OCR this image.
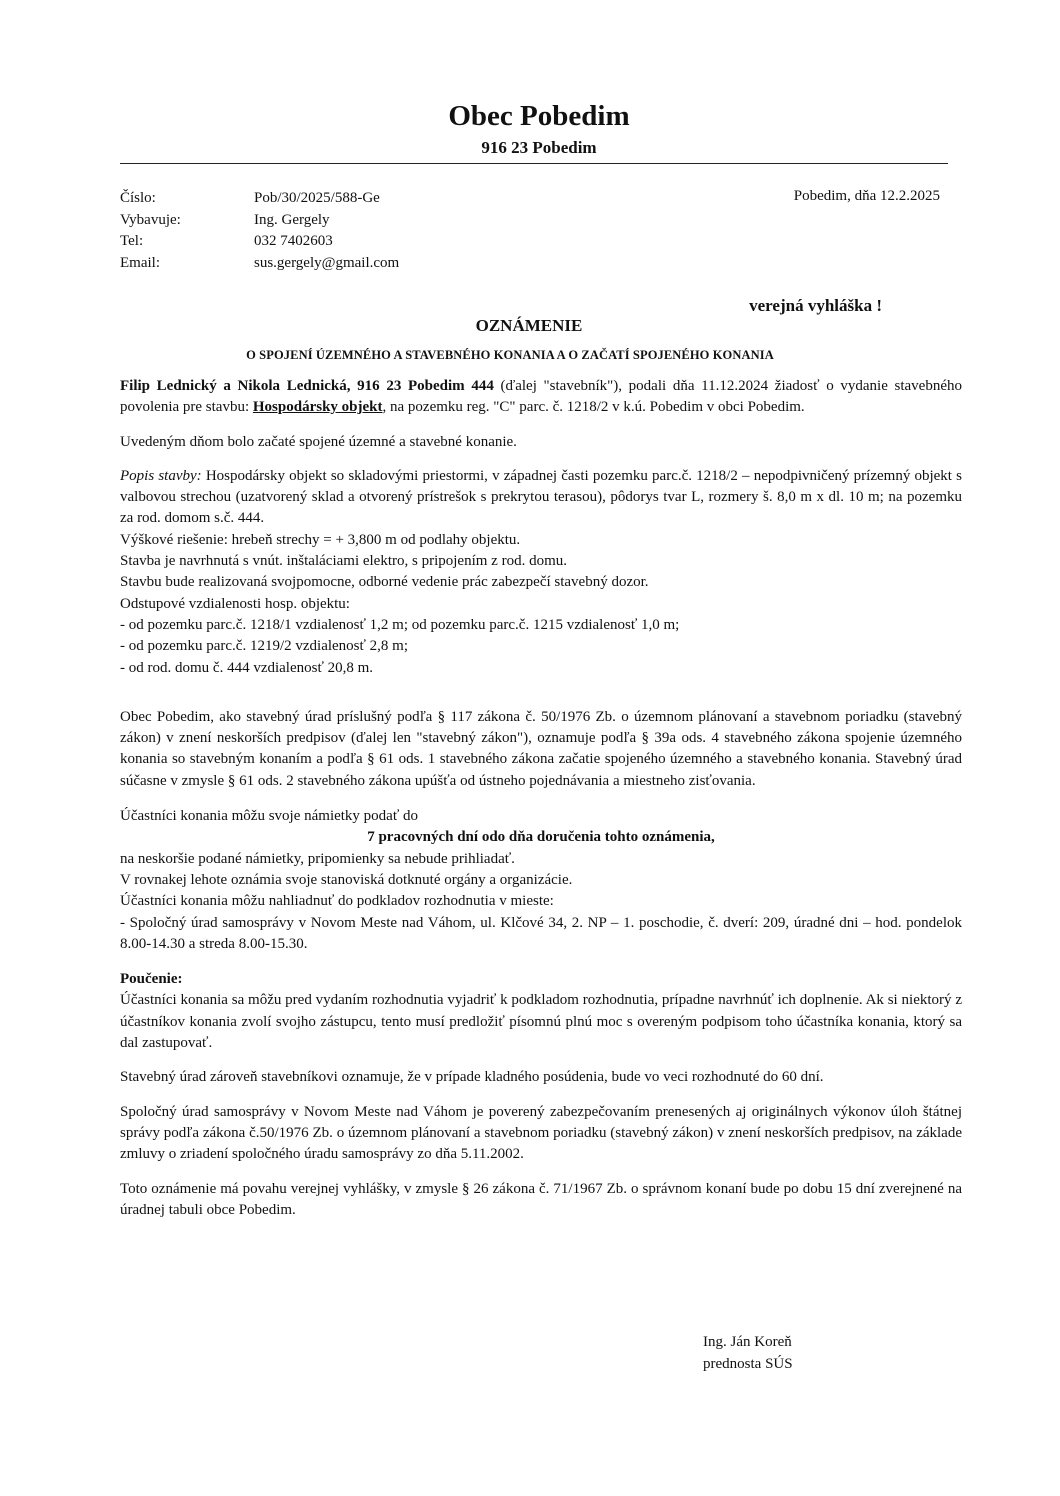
Obec Pobedim
916 23 Pobedim
Číslo:	Pob/30/2025/588-Ge
Vybavuje:	Ing. Gergely
Tel:	032 7402603
Email:	sus.gergely@gmail.com
Pobedim, dňa 12.2.2025
verejná vyhláška !
OZNÁMENIE
O SPOJENÍ ÚZEMNÉHO A STAVEBNÉHO KONANIA A O ZAČATÍ SPOJENÉHO KONANIA

Filip Lednický a Nikola Lednická, 916 23 Pobedim 444 (ďalej "stavebník"), podali dňa 11.12.2024 žiadosť o vydanie stavebného povolenia pre stavbu: Hospodársky objekt, na pozemku reg. "C" parc. č. 1218/2 v k.ú. Pobedim v obci Pobedim.

Uvedeným dňom bolo začaté spojené územné a stavebné konanie.

Popis stavby: Hospodársky objekt so skladovými priestormi, v západnej časti pozemku parc.č. 1218/2 – nepodpivničený prízemný objekt s valbovou strechou (uzatvorený sklad a otvorený prístrešok s prekrytou terasou), pôdorys tvar L, rozmery š. 8,0 m x dl. 10 m; na pozemku za rod. domom s.č. 444.

Výškové riešenie: hrebeň strechy = + 3,800 m od podlahy objektu.

Stavba je navrhnutá s vnút. inštaláciami elektro, s pripojením z rod. domu.

Stavbu bude realizovaná svojpomocne, odborné vedenie prác zabezpečí stavebný dozor.

Odstupové vzdialenosti hosp. objektu:

- od pozemku parc.č. 1218/1 vzdialenosť 1,2 m; od pozemku parc.č. 1215 vzdialenosť 1,0 m;

- od pozemku parc.č. 1219/2 vzdialenosť 2,8 m;

- od rod. domu č. 444 vzdialenosť 20,8 m.

Obec Pobedim, ako stavebný úrad príslušný podľa § 117 zákona č. 50/1976 Zb. o územnom plánovaní a stavebnom poriadku (stavebný zákon) v znení neskorších predpisov (ďalej len "stavebný zákon"), oznamuje podľa § 39a ods. 4 stavebného zákona spojenie územného konania so stavebným konaním a podľa § 61 ods. 1 stavebného zákona začatie spojeného územného a stavebného konania. Stavebný úrad súčasne v zmysle § 61 ods. 2 stavebného zákona upúšťa od ústneho pojednávania a miestneho zisťovania.

Účastníci konania môžu svoje námietky podať do

7 pracovných dní odo dňa doručenia tohto oznámenia,

na neskoršie podané námietky, pripomienky sa nebude prihliadať.

V rovnakej lehote oznámia svoje stanoviská dotknuté orgány a organizácie.

Účastníci konania môžu nahliadnuť do podkladov rozhodnutia v mieste:

- Spoločný úrad samosprávy v Novom Meste nad Váhom, ul. Klčové 34, 2. NP – 1. poschodie, č. dverí: 209, úradné dni – hod. pondelok 8.00-14.30 a streda 8.00-15.30.

Poučenie:

Účastníci konania sa môžu pred vydaním rozhodnutia vyjadriť k podkladom rozhodnutia, prípadne navrhnúť ich doplnenie. Ak si niektorý z účastníkov konania zvolí svojho zástupcu, tento musí predložiť písomnú plnú moc s overeným podpisom toho účastníka konania, ktorý sa dal zastupovať.

Stavebný úrad zároveň stavebníkovi oznamuje, že v prípade kladného posúdenia, bude vo veci rozhodnuté do 60 dní.

Spoločný úrad samosprávy v Novom Meste nad Váhom je poverený zabezpečovaním prenesených aj originálnych výkonov úloh štátnej správy podľa zákona č.50/1976 Zb. o územnom plánovaní a stavebnom poriadku (stavebný zákon) v znení neskorších predpisov, na základe zmluvy o zriadení spoločného úradu samosprávy zo dňa 5.11.2002.

Toto oznámenie má povahu verejnej vyhlášky, v zmysle § 26 zákona č. 71/1967 Zb. o správnom konaní bude po dobu 15 dní zverejnené na úradnej tabuli obce Pobedim.

Ing. Ján Koreň
prednosta SÚS
